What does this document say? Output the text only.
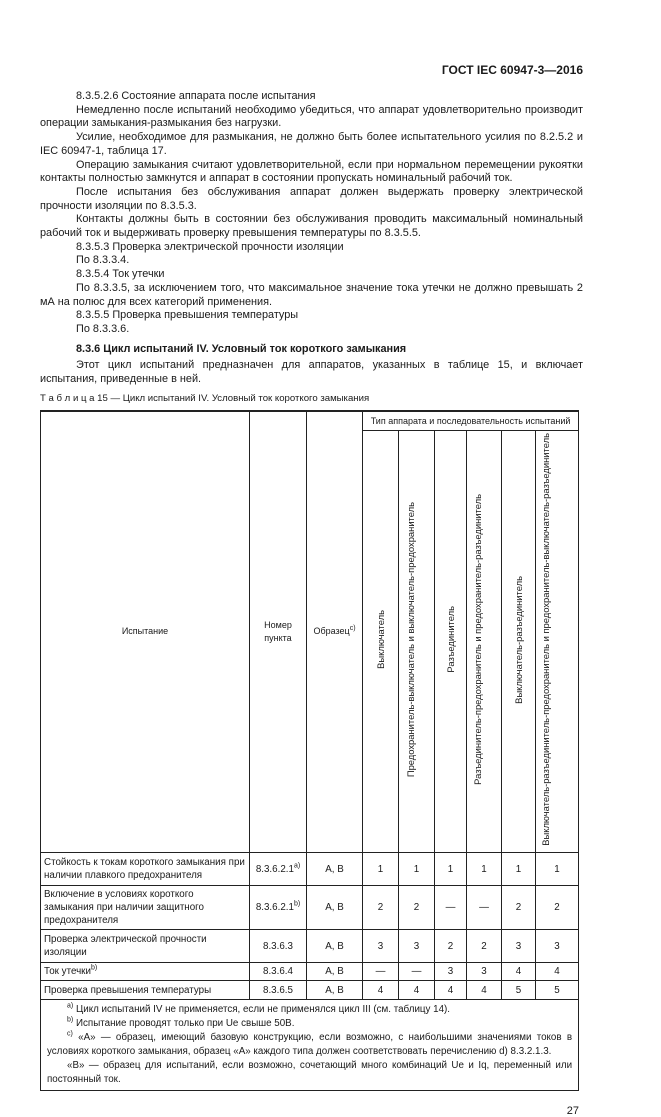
ГОСТ IEC 60947-3—2016

8.3.5.2.6 Состояние аппарата после испытания

Немедленно после испытаний необходимо убедиться, что аппарат удовлетворительно производит операции замыкания-размыкания без нагрузки.

Усилие, необходимое для размыкания, не должно быть более испытательного усилия по 8.2.5.2 и IEC 60947-1, таблица 17.

Операцию замыкания считают удовлетворительной, если при нормальном перемещении рукоятки контакты полностью замкнутся и аппарат в состоянии пропускать номинальный рабочий ток.

После испытания без обслуживания аппарат должен выдержать проверку электрической прочности изоляции по 8.3.5.3.

Контакты должны быть в состоянии без обслуживания проводить максимальный номинальный рабочий ток и выдерживать проверку превышения температуры по 8.3.5.5.

8.3.5.3 Проверка электрической прочности изоляции

По 8.3.3.4.

8.3.5.4 Ток утечки

По 8.3.3.5, за исключением того, что максимальное значение тока утечки не должно превышать 2 мА на полюс для всех категорий применения.

8.3.5.5 Проверка превышения температуры

По 8.3.3.6.

8.3.6 Цикл испытаний IV. Условный ток короткого замыкания

Этот цикл испытаний предназначен для аппаратов, указанных в таблице 15, и включает испытания, приведенные в ней.

Т а б л и ц а 15 — Цикл испытаний IV. Условный ток короткого замыкания

Испытание	Номер пункта	Образец$^{c)}$	Тип аппарата и последовательность испытаний					
			Выключатель	Предохранитель-выключатель и выключатель-предохранитель	Разъединитель	Разъединитель-предохранитель и предохранитель-разъединитель	Выключатель-разъединитель	Выключатель-разъединитель-предохранитель и предохранитель-выключатель-разъединитель
Стойкость к токам короткого замыкания при наличии плавкого предохранителя	8.3.6.2.1$^{a)}$	A, B	1	1	1	1	1	1
Включение в условиях короткого замыкания при наличии защитного предохранителя	8.3.6.2.1$^{b)}$	A, B	2	2	—	—	2	2
Проверка электрической прочности изоляции	8.3.6.3	A, B	3	3	2	2	3	3
Ток утечки$^{b)}$	8.3.6.4	A, B	—	—	3	3	4	4
Проверка превышения температуры	8.3.6.5	A, B	4	4	4	4	5	5

$^{a)}$ Цикл испытаний IV не применяется, если не применялся цикл III (см. таблицу 14).

$^{b)}$ Испытание проводят только при Ue свыше 50В.

$^{c)}$ «А» — образец, имеющий базовую конструкцию, если возможно, с наибольшими значениями токов в условиях короткого замыкания, образец «А» каждого типа должен соответствовать перечислению d) 8.3.2.1.3.

«В» — образец для испытаний, если возможно, сочетающий много комбинаций Ue и Iq, переменный или постоянный ток.								

27
